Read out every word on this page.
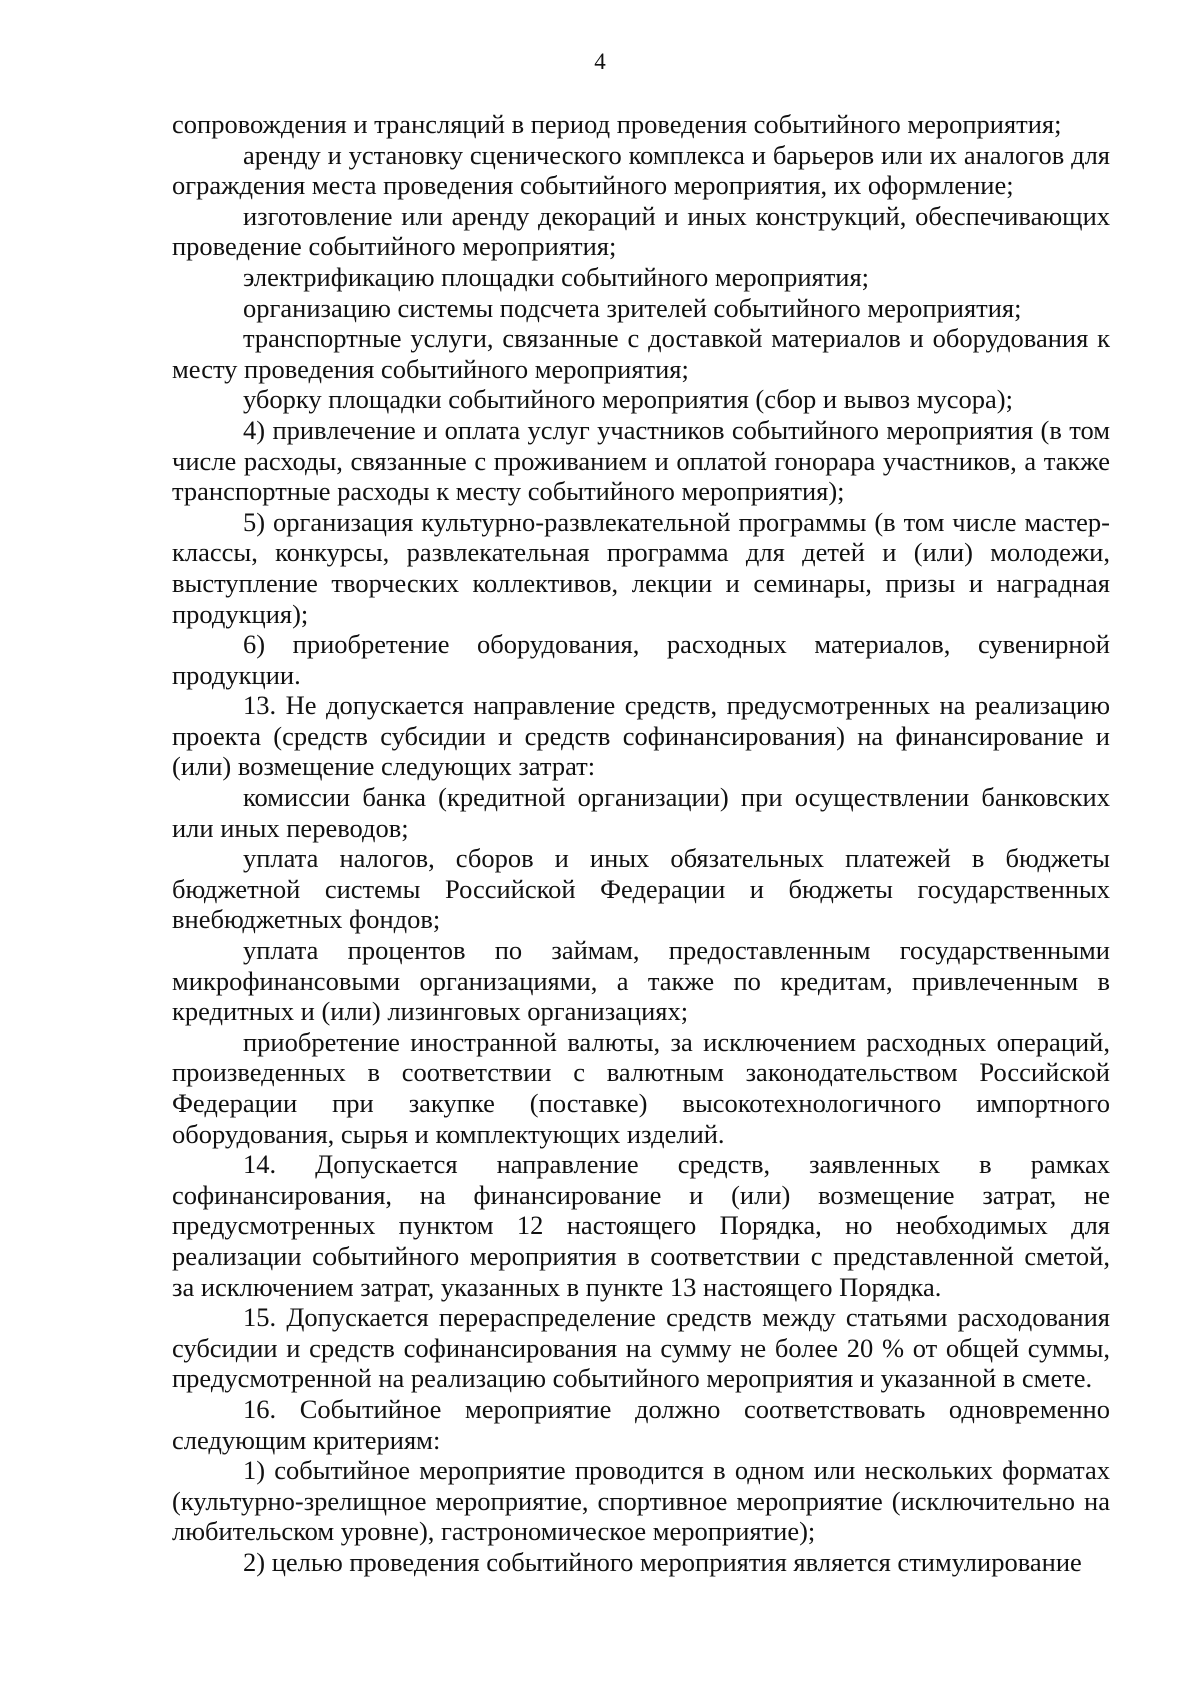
4

сопровождения и трансляций в период проведения событийного мероприятия;

аренду и установку сценического комплекса и барьеров или их аналогов для ограждения места проведения событийного мероприятия, их оформление;

изготовление или аренду декораций и иных конструкций, обеспечивающих проведение событийного мероприятия;

электрификацию площадки событийного мероприятия;

организацию системы подсчета зрителей событийного мероприятия;

транспортные услуги, связанные с доставкой материалов и оборудования к месту проведения событийного мероприятия;

уборку площадки событийного мероприятия (сбор и вывоз мусора);

4) привлечение и оплата услуг участников событийного мероприятия (в том числе расходы, связанные с проживанием и оплатой гонорара участников, а также транспортные расходы к месту событийного мероприятия);

5) организация культурно-развлекательной программы (в том числе мастер-классы, конкурсы, развлекательная программа для детей и (или) молодежи, выступление творческих коллективов, лекции и семинары, призы и наградная продукция);

6) приобретение оборудования, расходных материалов, сувенирной продукции.

13. Не допускается направление средств, предусмотренных на реализацию проекта (средств субсидии и средств софинансирования) на финансирование и (или) возмещение следующих затрат:

комиссии банка (кредитной организации) при осуществлении банковских или иных переводов;

уплата налогов, сборов и иных обязательных платежей в бюджеты бюджетной системы Российской Федерации и бюджеты государственных внебюджетных фондов;

уплата процентов по займам, предоставленным государственными микрофинансовыми организациями, а также по кредитам, привлеченным в кредитных и (или) лизинговых организациях;

приобретение иностранной валюты, за исключением расходных операций, произведенных в соответствии с валютным законодательством Российской Федерации при закупке (поставке) высокотехнологичного импортного оборудования, сырья и комплектующих изделий.

14. Допускается направление средств, заявленных в рамках софинансирования, на финансирование и (или) возмещение затрат, не предусмотренных пунктом 12 настоящего Порядка, но необходимых для реализации событийного мероприятия в соответствии с представленной сметой, за исключением затрат, указанных в пункте 13 настоящего Порядка.

15. Допускается перераспределение средств между статьями расходования субсидии и средств софинансирования на сумму не более 20 % от общей суммы, предусмотренной на реализацию событийного мероприятия и указанной в смете.

16. Событийное мероприятие должно соответствовать одновременно следующим критериям:

1) событийное мероприятие проводится в одном или нескольких форматах (культурно-зрелищное мероприятие, спортивное мероприятие (исключительно на любительском уровне), гастрономическое мероприятие);

2) целью проведения событийного мероприятия является стимулирование
